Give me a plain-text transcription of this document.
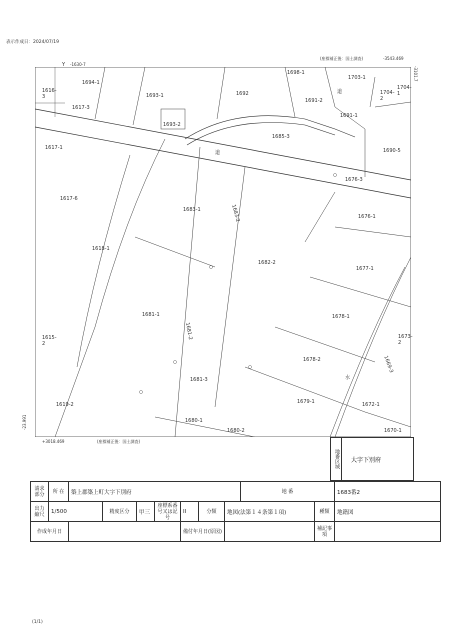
表示作成日：2024/07/19
-1630-7
-3543.469
(座標補正後：国土調査)
+3018.469	(座標補正後：国土調査)
-23.991
-3101.7
Y
道
道
水
1694-1
1693-1	1692
1698-1
1703-1
1616-3
1617-3
1691-2
1691-1
1704-2
1704-1
1693-2
1685-3
1690-5
1617-1
1676-3
1617-6
1683-1	1683-2	1676-1
1618-1
1682-2
1677-1
1681-1
1681-2
1678-1
1615-2
1673-2
1678-2	1669-3
1681-3
1619-2	1679-1	1672-1
1680-1
1680-2	1670-1
地番区域	大字下別府
請求部分	所 在	築上郡築上町大字下別府							地 番		1683番2
出力縮尺	1/500		精度区分	甲三	座標系番号又は記号	II	分類	地図(法第１４条第１項)		種類	地籍図
作成年月日						備付年月日(原図)				補記事項	
(1/1)
